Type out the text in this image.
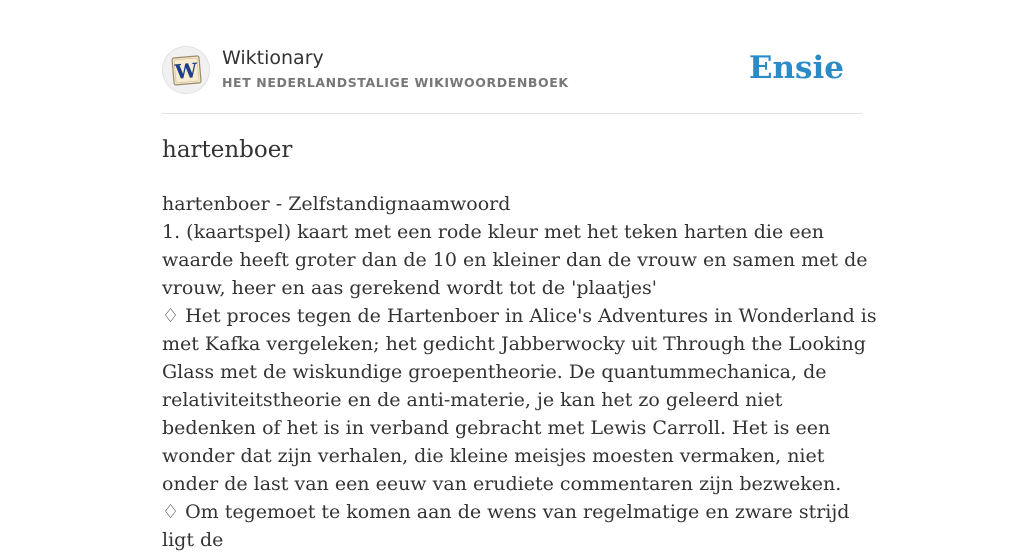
W
Wiktionary
HET NEDERLANDSTALIGE WIKIWOORDENBOEK	Ensie
hartenboer

hartenboer - Zelfstandignaamwoord

1. (kaartspel) kaart met een rode kleur met het teken harten die een waarde heeft groter dan de 10 en kleiner dan de vrouw en samen met de vrouw, heer en aas gerekend wordt tot de 'plaatjes'

♢ Het proces tegen de Hartenboer in Alice's Adventures in Wonderland is met Kafka vergeleken; het gedicht Jabberwocky uit Through the Looking Glass met de wiskundige groepentheorie. De quantummechanica, de relativiteitstheorie en de anti-materie, je kan het zo geleerd niet bedenken of het is in verband gebracht met Lewis Carroll. Het is een wonder dat zijn verhalen, die kleine meisjes moesten vermaken, niet onder de last van een eeuw van erudiete commentaren zijn bezweken.

♢ Om tegemoet te komen aan de wens van regelmatige en zware strijd ligt de
